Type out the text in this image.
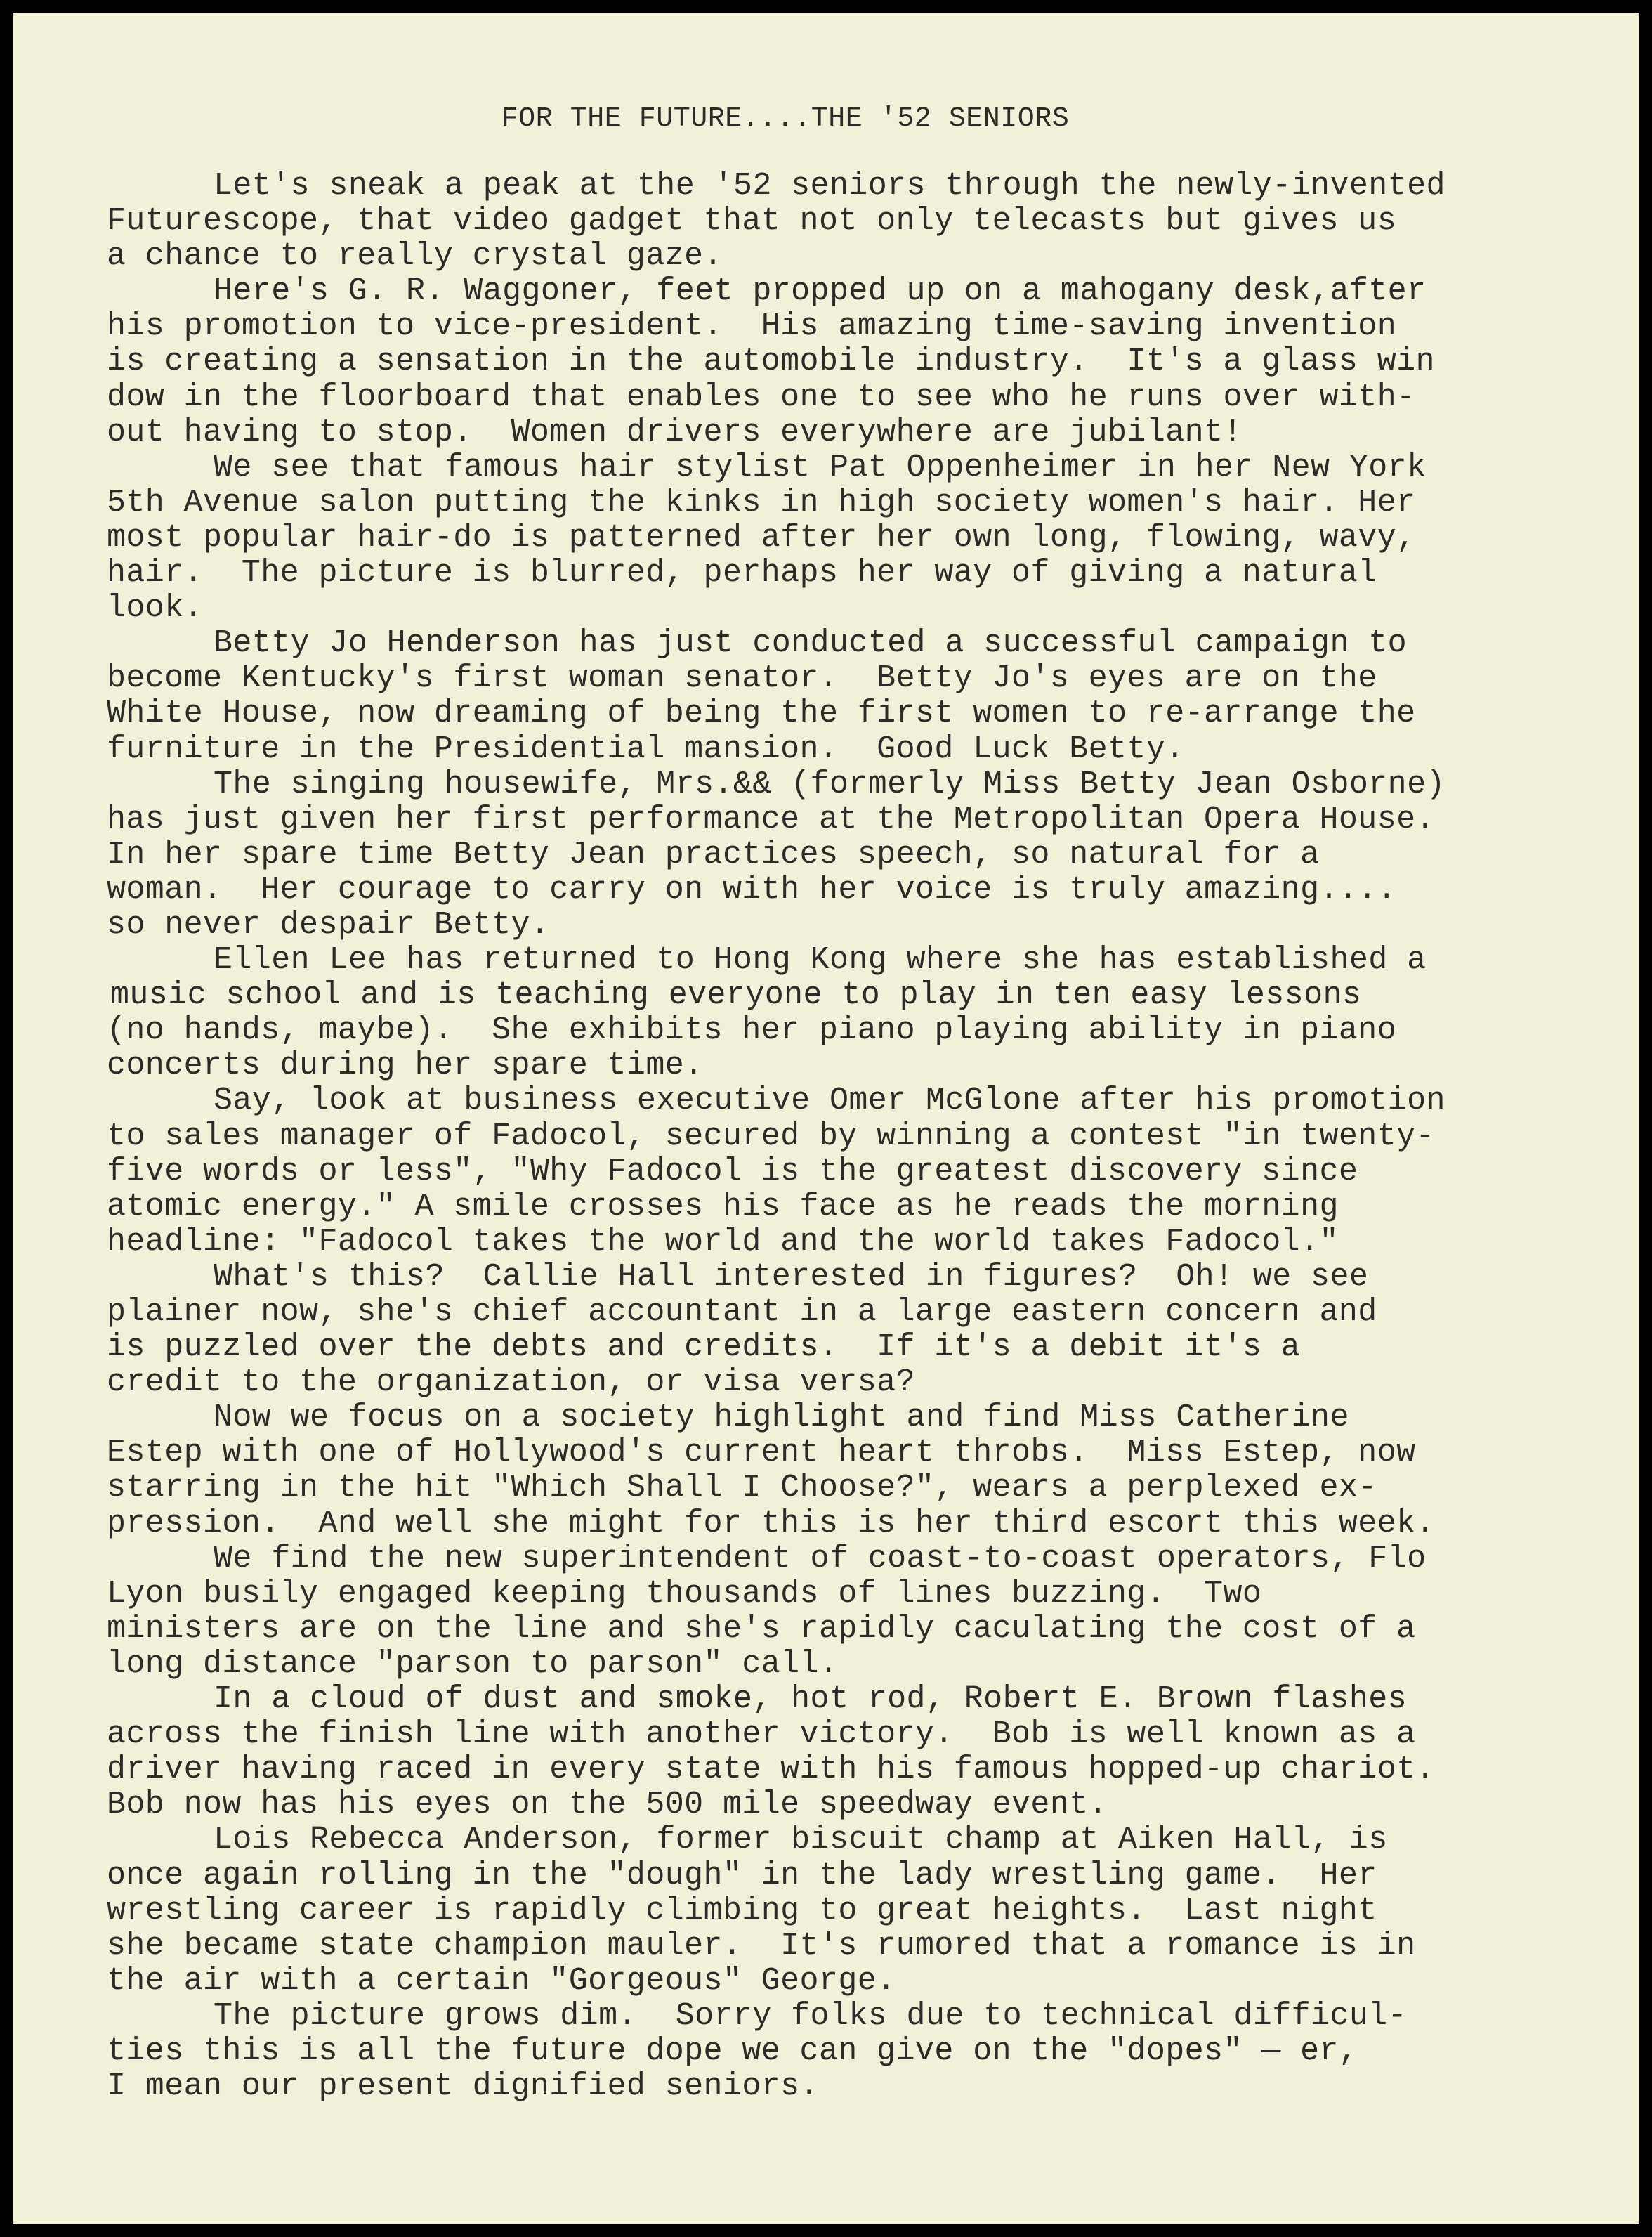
FOR THE FUTURE....THE '52 SENIORS
Let's sneak a peak at the '52 seniors through the newly-invented
Futurescope, that video gadget that not only telecasts but gives us
a chance to really crystal gaze.
Here's G. R. Waggoner, feet propped up on a mahogany desk,after
his promotion to vice-president.  His amazing time-saving invention
is creating a sensation in the automobile industry.  It's a glass win
dow in the floorboard that enables one to see who he runs over with-
out having to stop.  Women drivers everywhere are jubilant!
We see that famous hair stylist Pat Oppenheimer in her New York
5th Avenue salon putting the kinks in high society women's hair. Her
most popular hair-do is patterned after her own long, flowing, wavy,
hair.  The picture is blurred, perhaps her way of giving a natural
look.
Betty Jo Henderson has just conducted a successful campaign to
become Kentucky's first woman senator.  Betty Jo's eyes are on the
White House, now dreaming of being the first women to re-arrange the
furniture in the Presidential mansion.  Good Luck Betty.
The singing housewife, Mrs.&& (formerly Miss Betty Jean Osborne)
has just given her first performance at the Metropolitan Opera House.
In her spare time Betty Jean practices speech, so natural for a
woman.  Her courage to carry on with her voice is truly amazing....
so never despair Betty.
Ellen Lee has returned to Hong Kong where she has established a
music school and is teaching everyone to play in ten easy lessons
(no hands, maybe).  She exhibits her piano playing ability in piano
concerts during her spare time.
Say, look at business executive Omer McGlone after his promotion
to sales manager of Fadocol, secured by winning a contest "in twenty-
five words or less", "Why Fadocol is the greatest discovery since
atomic energy." A smile crosses his face as he reads the morning
headline: "Fadocol takes the world and the world takes Fadocol."
What's this?  Callie Hall interested in figures?  Oh! we see
plainer now, she's chief accountant in a large eastern concern and
is puzzled over the debts and credits.  If it's a debit it's a
credit to the organization, or visa versa?
Now we focus on a society highlight and find Miss Catherine
Estep with one of Hollywood's current heart throbs.  Miss Estep, now
starring in the hit "Which Shall I Choose?", wears a perplexed ex-
pression.  And well she might for this is her third escort this week.
We find the new superintendent of coast-to-coast operators, Flo
Lyon busily engaged keeping thousands of lines buzzing.  Two
ministers are on the line and she's rapidly caculating the cost of a
long distance "parson to parson" call.
In a cloud of dust and smoke, hot rod, Robert E. Brown flashes
across the finish line with another victory.  Bob is well known as a
driver having raced in every state with his famous hopped-up chariot.
Bob now has his eyes on the 500 mile speedway event.
Lois Rebecca Anderson, former biscuit champ at Aiken Hall, is
once again rolling in the "dough" in the lady wrestling game.  Her
wrestling career is rapidly climbing to great heights.  Last night
she became state champion mauler.  It's rumored that a romance is in
the air with a certain "Gorgeous" George.
The picture grows dim.  Sorry folks due to technical difficul-
ties this is all the future dope we can give on the "dopes" — er,
I mean our present dignified seniors.
